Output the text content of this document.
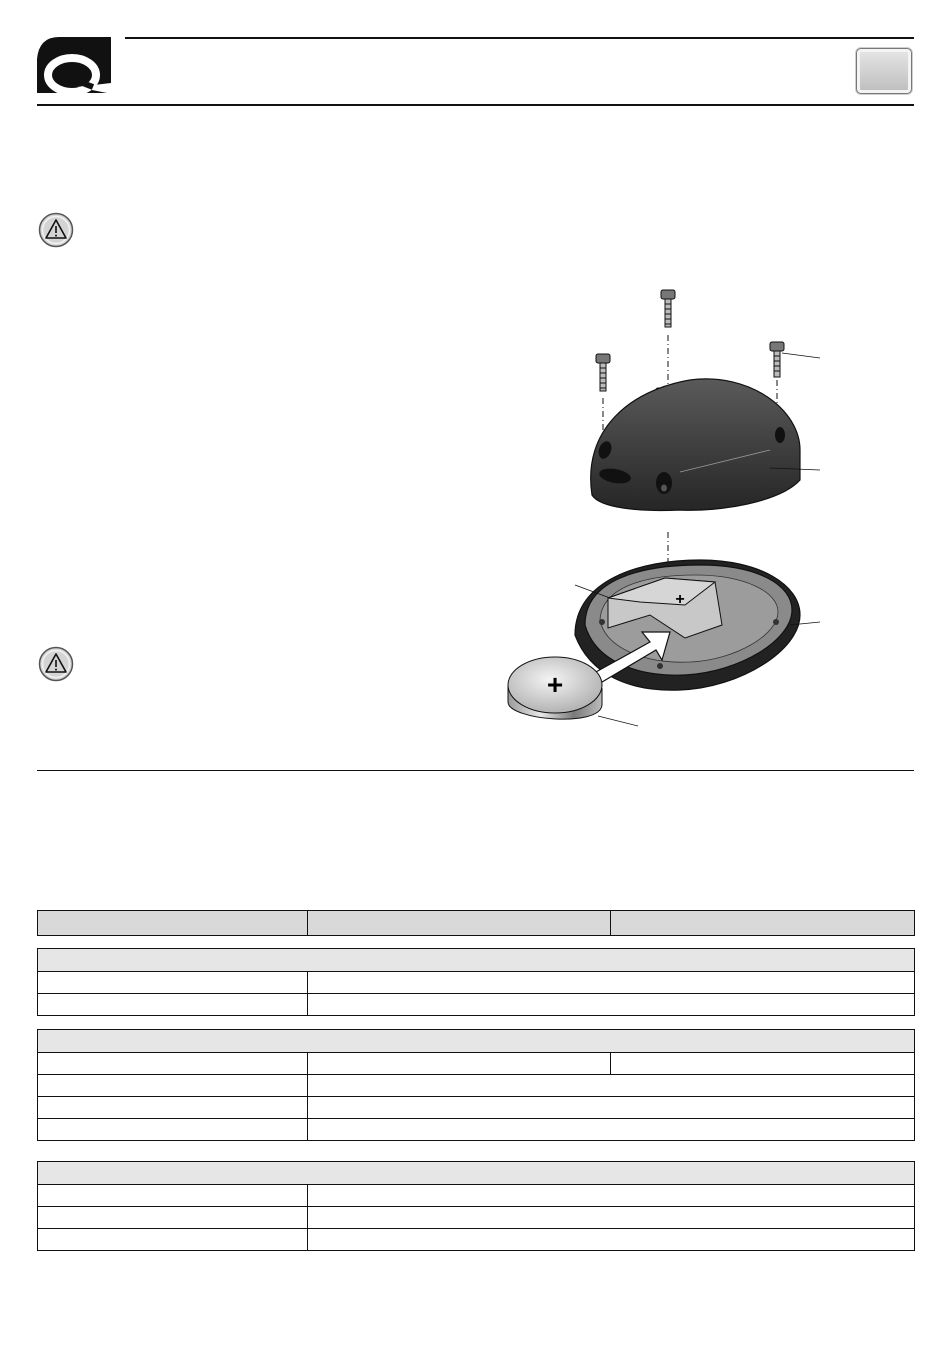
+
+
